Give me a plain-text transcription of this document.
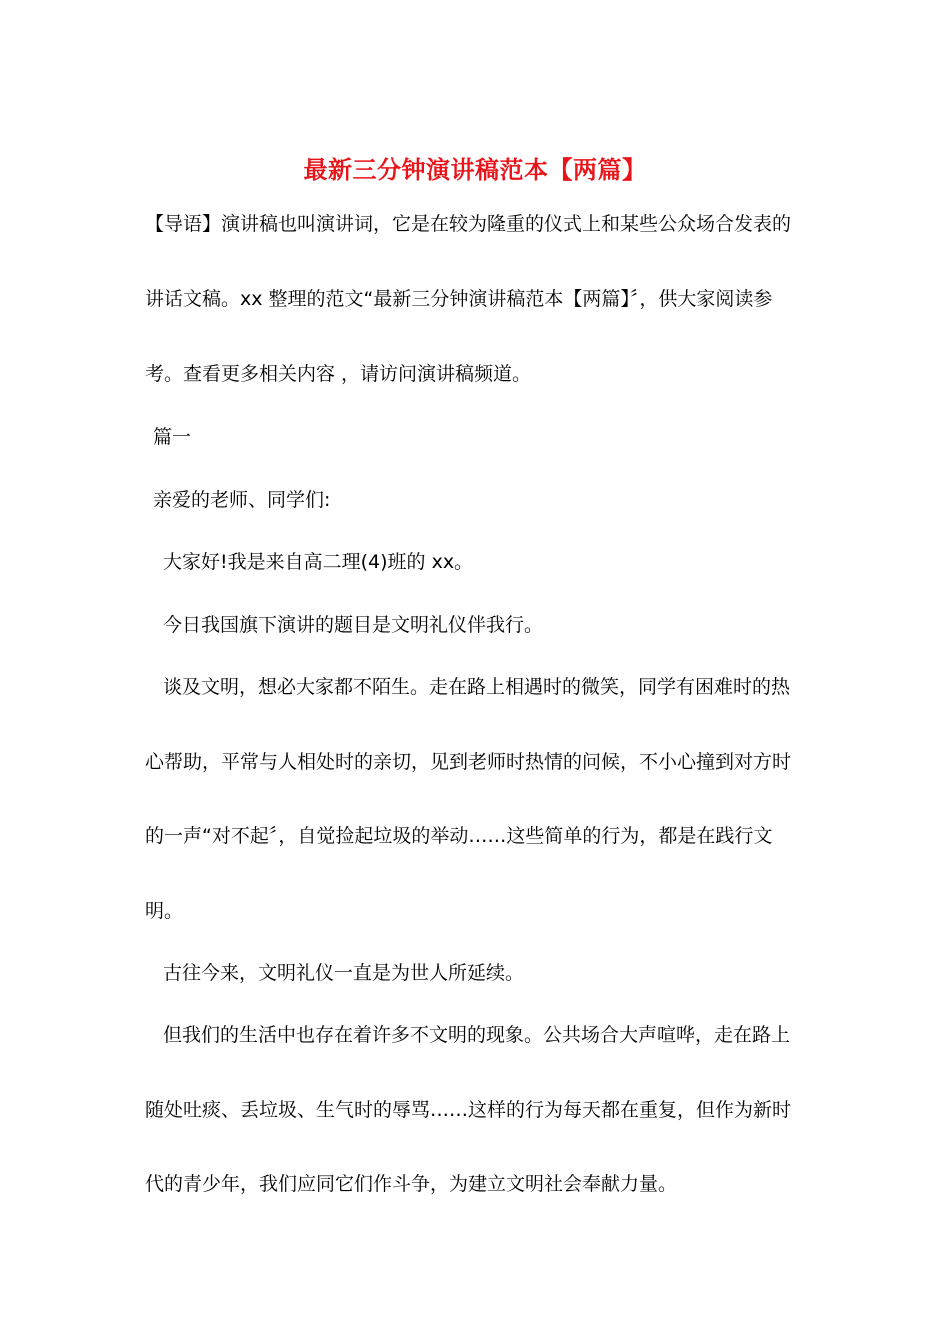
最新三分钟演讲稿范本【两篇】
【导语】演讲稿也叫演讲词，它是在较为隆重的仪式上和某些公众场合发表的
讲话文稿。xx 整理的范文“最新三分钟演讲稿范本【两篇】〞，供大家阅读参
考。查看更多相关内容 ，请访问演讲稿频道。
篇一
亲爱的老师、同学们:
大家好!我是来自高二理(4)班的 xx。
今日我国旗下演讲的题目是文明礼仪伴我行。
谈及文明，想必大家都不陌生。走在路上相遇时的微笑，同学有困难时的热
心帮助，平常与人相处时的亲切，见到老师时热情的问候，不小心撞到对方时
的一声“对不起〞，自觉捡起垃圾的举动……这些简单的行为，都是在践行文
明。
古往今来，文明礼仪一直是为世人所延续。
但我们的生活中也存在着许多不文明的现象。公共场合大声喧哗，走在路上
随处吐痰、丢垃圾、生气时的辱骂……这样的行为每天都在重复，但作为新时
代的青少年，我们应同它们作斗争，为建立文明社会奉献力量。
